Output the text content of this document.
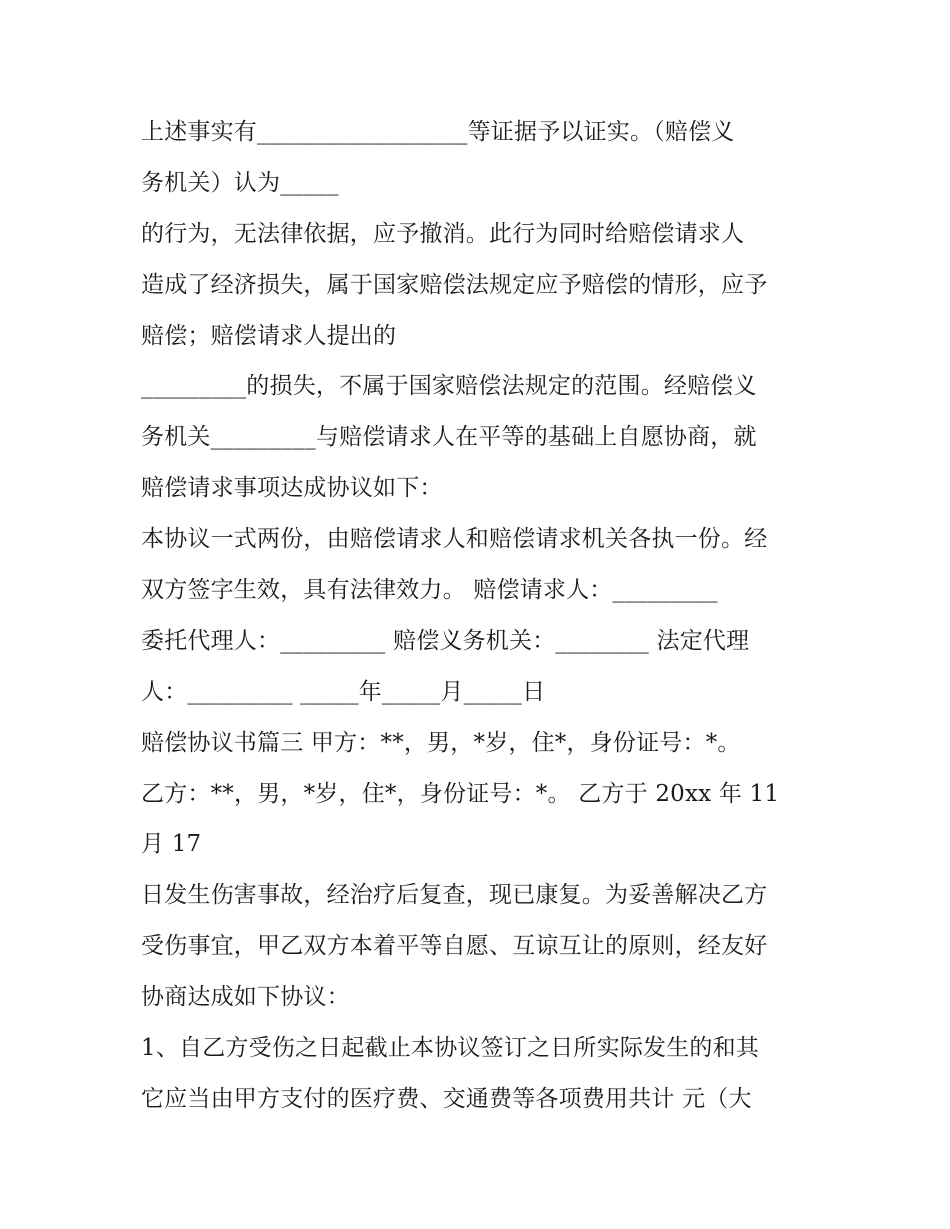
上述事实有__________________等证据予以证实。（赔偿义
务机关）认为_____
的行为，无法律依据，应予撤消。此行为同时给赔偿请求人
造成了经济损失，属于国家赔偿法规定应予赔偿的情形，应予
赔偿；赔偿请求人提出的
_________的损失，不属于国家赔偿法规定的范围。经赔偿义
务机关_________与赔偿请求人在平等的基础上自愿协商，就
赔偿请求事项达成协议如下：
本协议一式两份，由赔偿请求人和赔偿请求机关各执一份。经
双方签字生效，具有法律效力。 赔偿请求人：_________
委托代理人：_________ 赔偿义务机关：________ 法定代理
人：_________ _____年_____月_____日
赔偿协议书篇三 甲方：**，男，*岁，住*，身份证号：*。
乙方：**，男，*岁，住*，身份证号：*。 乙方于 20xx 年 11
月 17
日发生伤害事故，经治疗后复查，现已康复。为妥善解决乙方
受伤事宜，甲乙双方本着平等自愿、互谅互让的原则，经友好
协商达成如下协议：
1、自乙方受伤之日起截止本协议签订之日所实际发生的和其
它应当由甲方支付的医疗费、交通费等各项费用共计 元（大
